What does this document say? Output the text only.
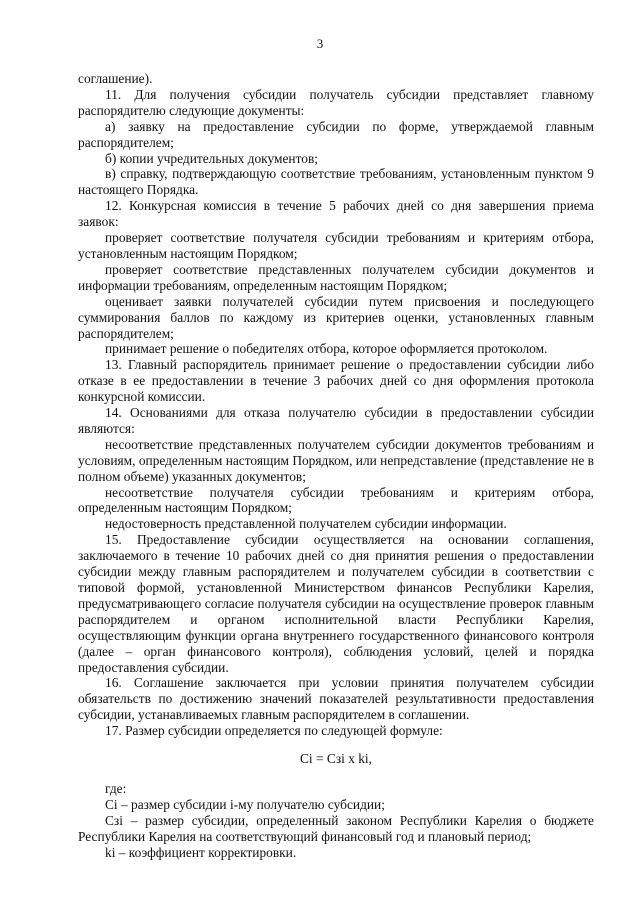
3

соглашение).

11. Для получения субсидии получатель субсидии представляет главному распорядителю следующие документы:

а) заявку на предоставление субсидии по форме, утверждаемой главным распорядителем;

б) копии учредительных документов;

в) справку, подтверждающую соответствие требованиям, установленным пунктом 9 настоящего Порядка.

12. Конкурсная комиссия в течение 5 рабочих дней со дня завершения приема заявок:

проверяет соответствие получателя субсидии требованиям и критериям отбора, установленным настоящим Порядком;

проверяет соответствие представленных получателем субсидии документов и информации требованиям, определенным настоящим Порядком;

оценивает заявки получателей субсидии путем присвоения и последующего суммирования баллов по каждому из критериев оценки, установленных главным распорядителем;

принимает решение о победителях отбора, которое оформляется протоколом.

13. Главный распорядитель принимает решение о предоставлении субсидии либо отказе в ее предоставлении в течение 3 рабочих дней со дня оформления протокола конкурсной комиссии.

14. Основаниями для отказа получателю субсидии в предоставлении субсидии являются:

несоответствие представленных получателем субсидии документов требованиям и условиям, определенным настоящим Порядком, или непредставление (представление не в полном объеме) указанных документов;

несоответствие получателя субсидии требованиям и критериям отбора, определенным настоящим Порядком;

недостоверность представленной получателем субсидии информации.

15. Предоставление субсидии осуществляется на основании соглашения, заключаемого в течение 10 рабочих дней со дня принятия решения о предоставлении субсидии между главным распорядителем и получателем субсидии в соответствии с типовой формой, установленной Министерством финансов Республики Карелия, предусматривающего согласие получателя субсидии на осуществление проверок главным распорядителем и органом исполнительной власти Республики Карелия, осуществляющим функции органа внутреннего государственного финансового контроля (далее – орган финансового контроля), соблюдения условий, целей и порядка предоставления субсидии.

16. Соглашение заключается при условии принятия получателем субсидии обязательств по достижению значений показателей результативности предоставления субсидии, устанавливаемых главным распорядителем в соглашении.

17. Размер субсидии определяется по следующей формуле:

Ci = Сзi x ki,

где:

Ci – размер субсидии i-му получателю субсидии;

Сзi – размер субсидии, определенный законом Республики Карелия о бюджете Республики Карелия на соответствующий финансовый год и плановый период;

ki – коэффициент корректировки.
